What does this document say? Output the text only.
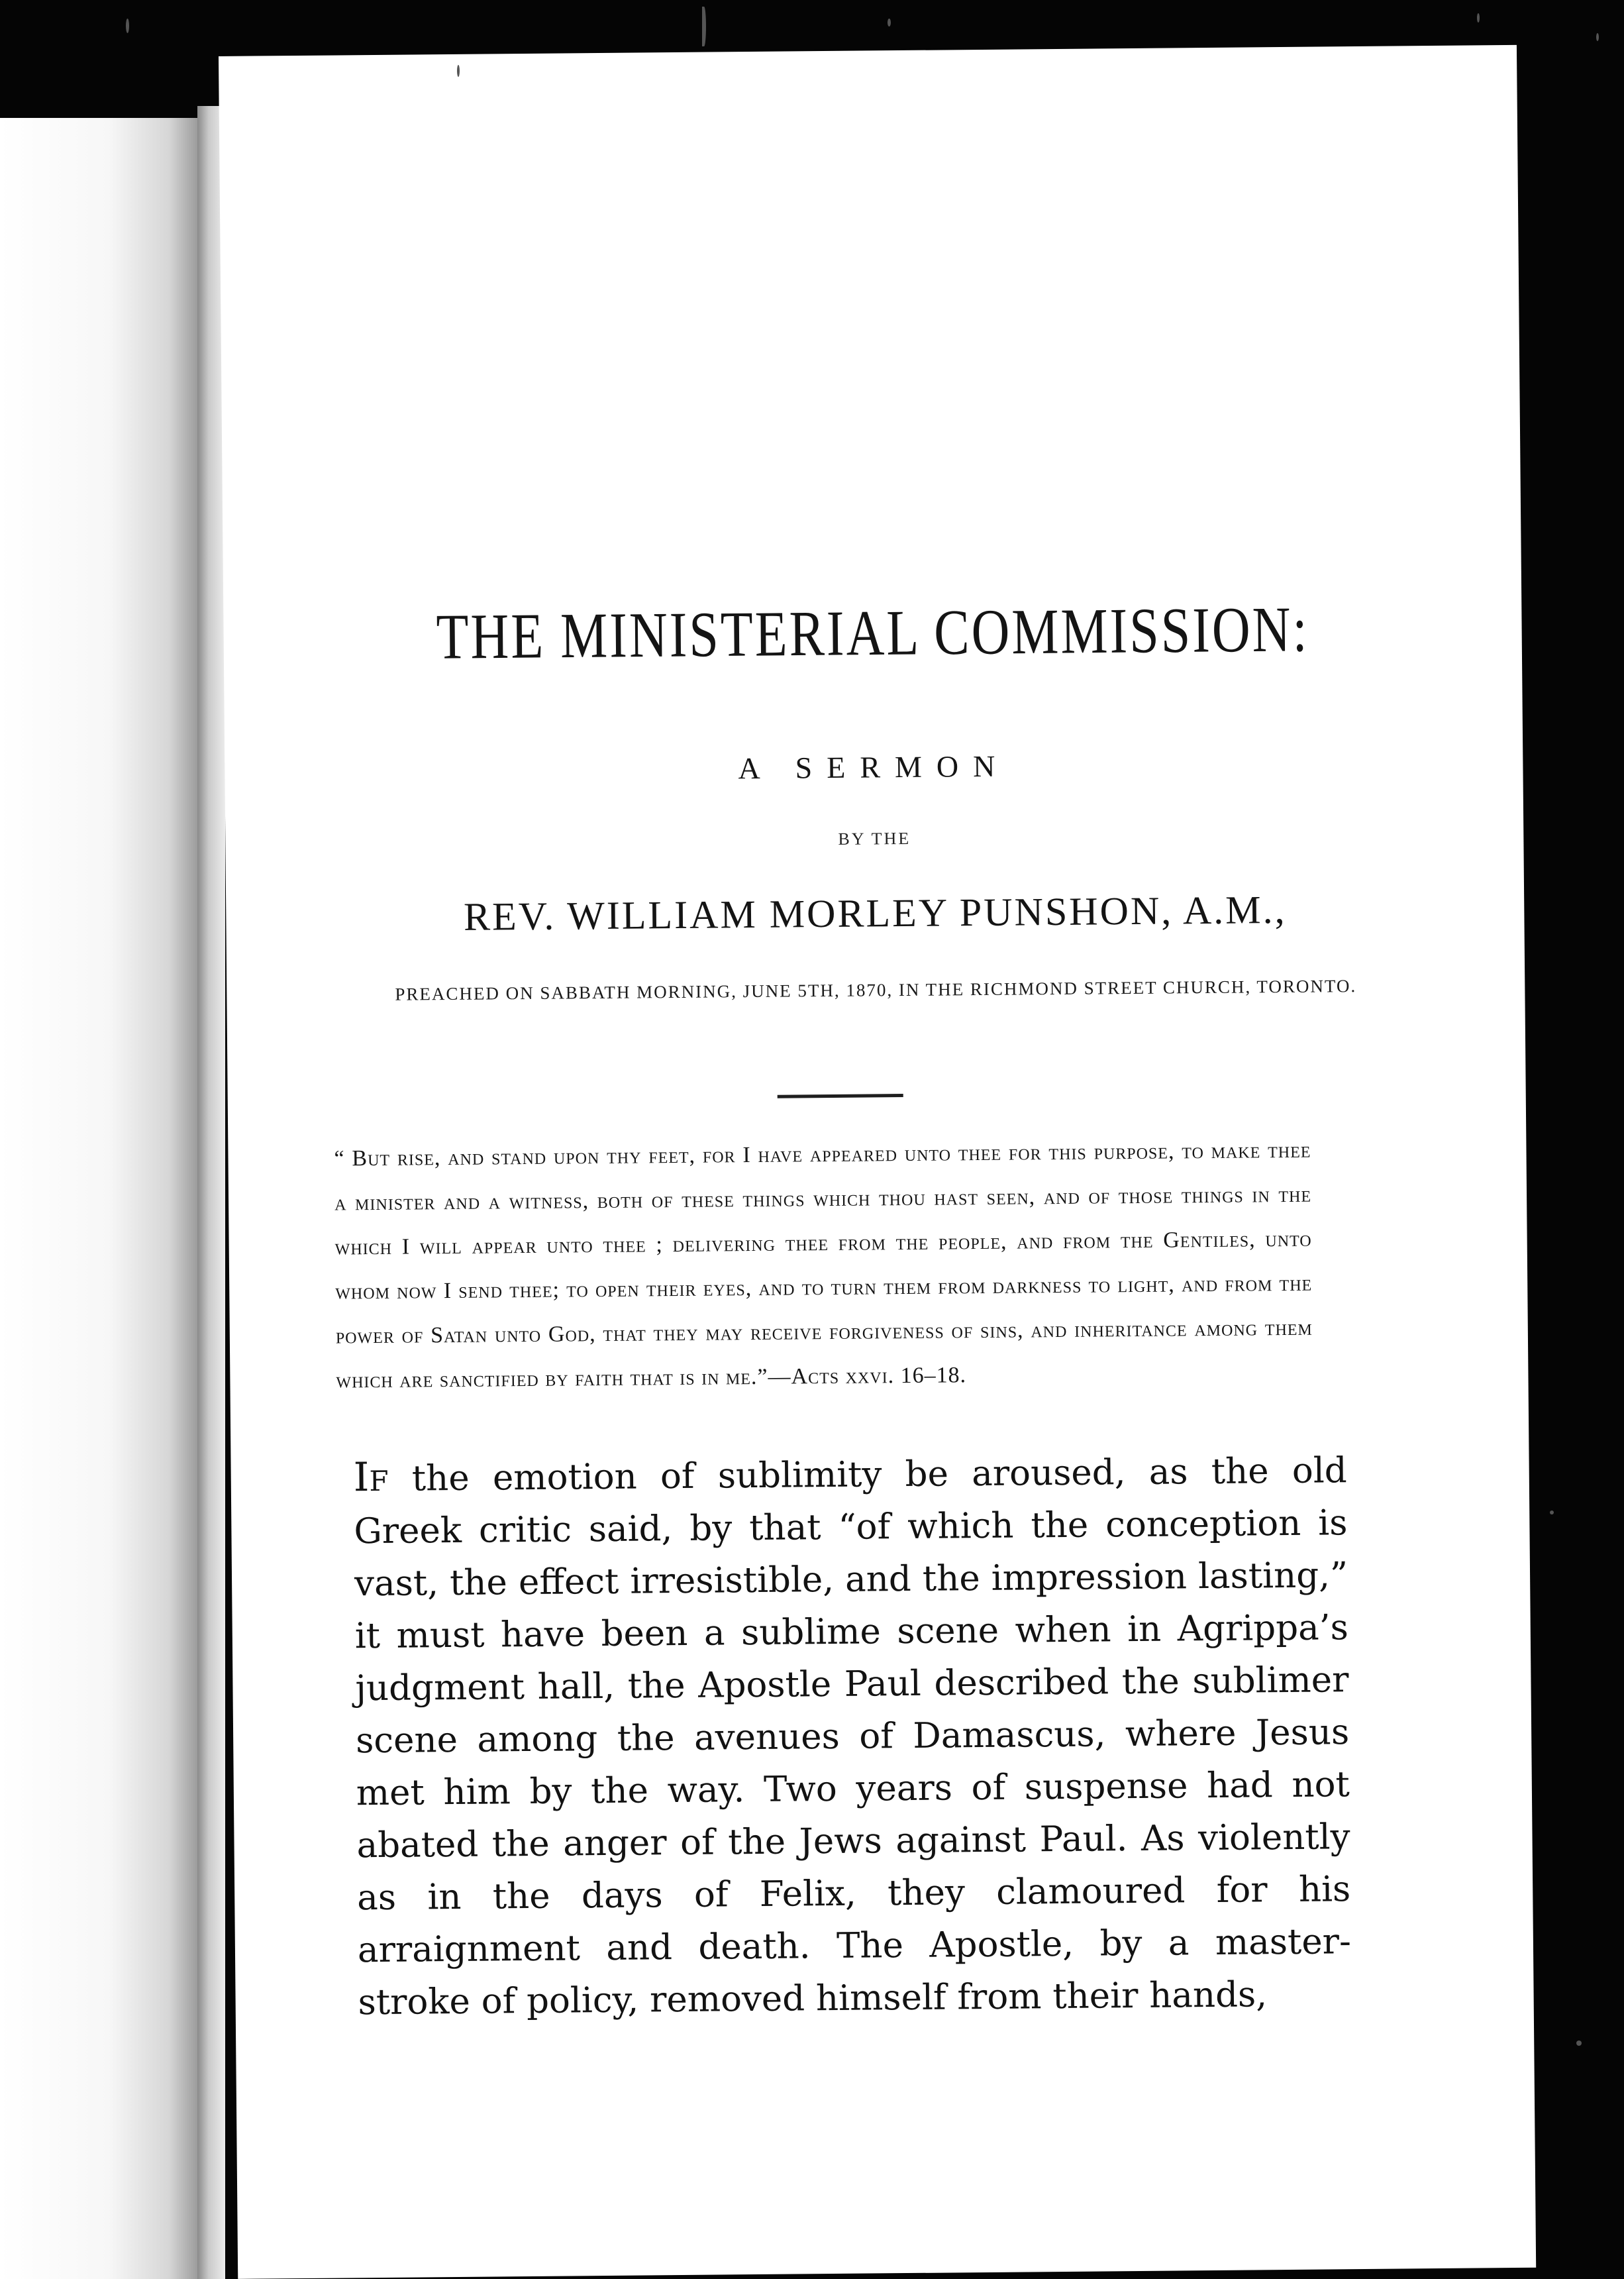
THE MINISTERIAL COMMISSION:
A SERMON
BY THE
REV. WILLIAM MORLEY PUNSHON, A.M.,
PREACHED ON SABBATH MORNING, JUNE 5TH, 1870, IN THE RICHMOND STREET CHURCH, TORONTO.
“ But rise, and stand upon thy feet, for I have appeared unto thee for this purpose, to make thee a minister and a witness, both of these things which thou hast seen, and of those things in the which I will appear unto thee ; delivering thee from the people, and from the Gentiles, unto whom now I send thee; to open their eyes, and to turn them from darkness to light, and from the power of Satan unto God, that they may receive forgiveness of sins, and inheritance among them which are sanctified by faith that is in me.”—Acts xxvi. 16–18.
If the emotion of sublimity be aroused, as the old Greek critic said, by that “of which the conception is vast, the effect irresistible, and the impression lasting,” it must have been a sublime scene when in Agrippa’s judgment hall, the Apostle Paul described the sublimer scene among the avenues of Damascus, where Jesus met him by the way. Two years of suspense had not abated the anger of the Jews against Paul. As violently as in the days of Felix, they clamoured for his arraignment and death. The Apostle, by a master-stroke of policy, removed himself from their hands,
